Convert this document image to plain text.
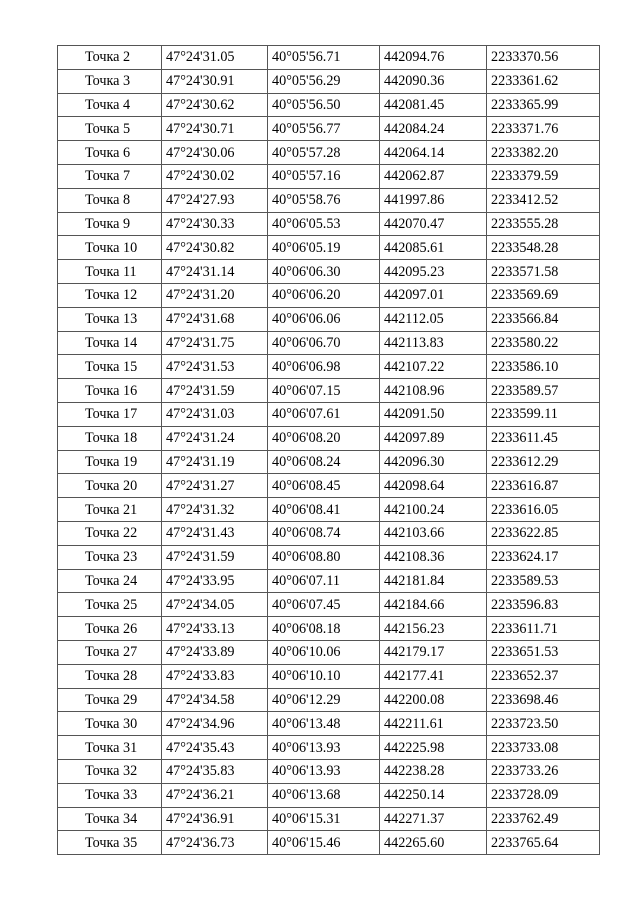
Точка 2	47°24'31.05	40°05'56.71	442094.76	2233370.56
Точка 3	47°24'30.91	40°05'56.29	442090.36	2233361.62
Точка 4	47°24'30.62	40°05'56.50	442081.45	2233365.99
Точка 5	47°24'30.71	40°05'56.77	442084.24	2233371.76
Точка 6	47°24'30.06	40°05'57.28	442064.14	2233382.20
Точка 7	47°24'30.02	40°05'57.16	442062.87	2233379.59
Точка 8	47°24'27.93	40°05'58.76	441997.86	2233412.52
Точка 9	47°24'30.33	40°06'05.53	442070.47	2233555.28
Точка 10	47°24'30.82	40°06'05.19	442085.61	2233548.28
Точка 11	47°24'31.14	40°06'06.30	442095.23	2233571.58
Точка 12	47°24'31.20	40°06'06.20	442097.01	2233569.69
Точка 13	47°24'31.68	40°06'06.06	442112.05	2233566.84
Точка 14	47°24'31.75	40°06'06.70	442113.83	2233580.22
Точка 15	47°24'31.53	40°06'06.98	442107.22	2233586.10
Точка 16	47°24'31.59	40°06'07.15	442108.96	2233589.57
Точка 17	47°24'31.03	40°06'07.61	442091.50	2233599.11
Точка 18	47°24'31.24	40°06'08.20	442097.89	2233611.45
Точка 19	47°24'31.19	40°06'08.24	442096.30	2233612.29
Точка 20	47°24'31.27	40°06'08.45	442098.64	2233616.87
Точка 21	47°24'31.32	40°06'08.41	442100.24	2233616.05
Точка 22	47°24'31.43	40°06'08.74	442103.66	2233622.85
Точка 23	47°24'31.59	40°06'08.80	442108.36	2233624.17
Точка 24	47°24'33.95	40°06'07.11	442181.84	2233589.53
Точка 25	47°24'34.05	40°06'07.45	442184.66	2233596.83
Точка 26	47°24'33.13	40°06'08.18	442156.23	2233611.71
Точка 27	47°24'33.89	40°06'10.06	442179.17	2233651.53
Точка 28	47°24'33.83	40°06'10.10	442177.41	2233652.37
Точка 29	47°24'34.58	40°06'12.29	442200.08	2233698.46
Точка 30	47°24'34.96	40°06'13.48	442211.61	2233723.50
Точка 31	47°24'35.43	40°06'13.93	442225.98	2233733.08
Точка 32	47°24'35.83	40°06'13.93	442238.28	2233733.26
Точка 33	47°24'36.21	40°06'13.68	442250.14	2233728.09
Точка 34	47°24'36.91	40°06'15.31	442271.37	2233762.49
Точка 35	47°24'36.73	40°06'15.46	442265.60	2233765.64
